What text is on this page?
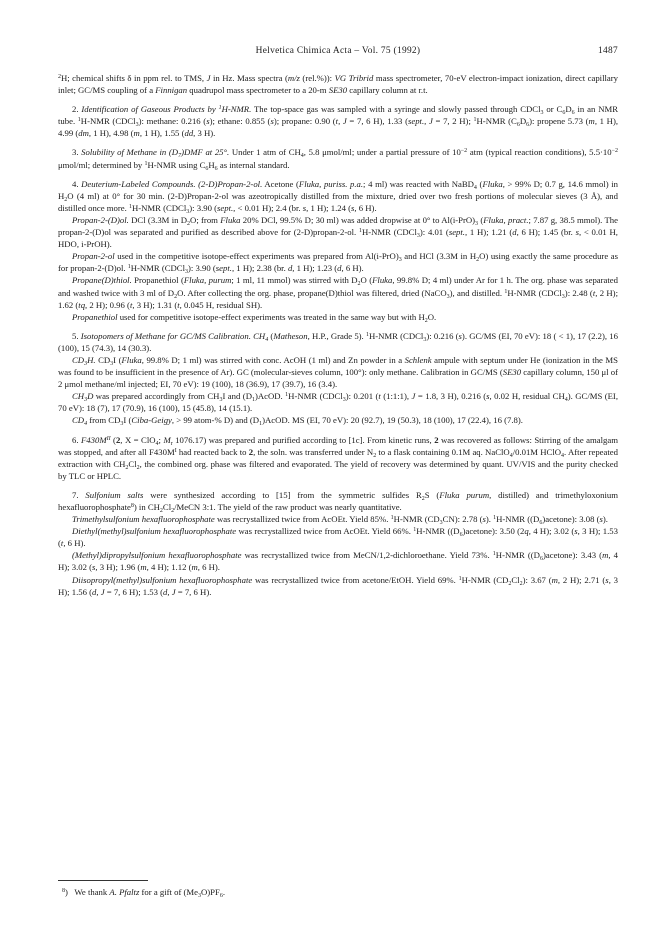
Helvetica Chimica Acta – Vol. 75 (1992)	1487

$^2$H; chemical shifts δ in ppm rel. to TMS, J in Hz. Mass spectra (m/z (rel.%)): VG Tribrid mass spectrometer, 70-eV electron-impact ionization, direct capillary inlet; GC/MS coupling of a Finnigan quadrupol mass spectrometer to a 20-m SE30 capillary column at r.t.

2. Identification of Gaseous Products by $^1$H-NMR. The top-space gas was sampled with a syringe and slowly passed through CDCl$_3$ or $C_6D_6$ in an NMR tube. $^1$H-NMR (CDCl$_3$): methane: 0.216 (s); ethane: 0.855 (s); propane: 0.90 (t, J = 7, 6 H), 1.33 (sept., J = 7, 2 H); $^1$H-NMR $(C_6D_6)$: propene 5.73 (m, 1 H), 4.99 (dm, 1 H), 4.98 (m, 1 H), 1.55 (dd, 3 H).

3. Solubility of Methane in $(D_7)DMF$ at 25°. Under 1 atm of $CH_4$, 5.8 μmol/ml; under a partial pressure of $10^{-2}$ atm (typical reaction conditions), $5.5\cdot 10^{-2}$ μmol/ml; determined by $^1$H-NMR using $C_6H_6$ as internal standard.

4. Deuterium-Labeled Compounds. (2-D)Propan-2-ol. Acetone (Fluka, puriss. p.a.; 4 ml) was reacted with NaBD$_4$ (Fluka, > 99% D; 0.7 g, 14.6 mmol) in $H_2O$ (4 ml) at 0° for 30 min. (2-D)Propan-2-ol was azeotropically distilled from the mixture, dried over two fresh portions of molecular sieves (3 Å), and distilled once more. $^1$H-NMR (CDCl$_3$): 3.90 (sept., < 0.01 H); 2.4 (br. s, 1 H); 1.24 (s, 6 H).

Propan-2-(D)ol. DCl (3.3M in $D_2O$; from Fluka 20% DCl, 99.5% D; 30 ml) was added dropwise at 0° to $Al(i-PrO)_3$ (Fluka, pract.; 7.87 g, 38.5 mmol). The propan-2-(D)ol was separated and purified as described above for (2-D)propan-2-ol. $^1$H-NMR (CDCl$_3$): 4.01 (sept., 1 H); 1.21 (d, 6 H); 1.45 (br. s, < 0.01 H, HDO, i-PrOH).

Propan-2-ol used in the competitive isotope-effect experiments was prepared from $Al(i-PrO)_3$ and HCl (3.3M in $H_2O$) using exactly the same procedure as for propan-2-(D)ol. $^1$H-NMR (CDCl$_3$): 3.90 (sept., 1 H); 2.38 (br. d, 1 H); 1.23 (d, 6 H).

Propane(D)thiol. Propanethiol (Fluka, purum; 1 ml, 11 mmol) was stirred with $D_2O$ (Fluka, 99.8% D; 4 ml) under Ar for 1 h. The org. phase was separated and washed twice with 3 ml of $D_2O$. After collecting the org. phase, propane(D)thiol was filtered, dried (NaCO$_3$), and distilled. $^1$H-NMR (CDCl$_3$): 2.48 (t, 2 H); 1.62 (tq, 2 H); 0.96 (t, 3 H); 1.31 (t, 0.045 H, residual SH).

Propanethiol used for competitive isotope-effect experiments was treated in the same way but with $H_2O$.

5. Isotopomers of Methane for GC/MS Calibration. $CH_4$ (Matheson, H.P., Grade 5). $^1$H-NMR (CDCl$_3$): 0.216 (s). GC/MS (EI, 70 eV): 18 ( < 1), 17 (2.2), 16 (100), 15 (74.3), 14 (30.3).

$CD_3H$. $CD_3I$ (Fluka, 99.8% D; 1 ml) was stirred with conc. AcOH (1 ml) and Zn powder in a Schlenk ampule with septum under He (ionization in the MS was found to be insufficient in the presence of Ar). GC (molecular-sieves column, 100°): only methane. Calibration in GC/MS (SE30 capillary column, 150 μl of 2 μmol methane/ml injected; EI, 70 eV): 19 (100), 18 (36.9), 17 (39.7), 16 (3.4).

$CH_3D$ was prepared accordingly from $CH_3I$ and $(D_1)AcOD$. $^1$H-NMR (CDCl$_3$): 0.201 (t (1:1:1), J = 1.8, 3 H), 0.216 (s, 0.02 H, residual $CH_4$). GC/MS (EI, 70 eV): 18 (7), 17 (70.9), 16 (100), 15 (45.8), 14 (15.1).

$CD_4$ from $CD_3I$ (Ciba-Geigy, > 99 atom-% D) and $(D_1)AcOD$. MS (EI, 70 eV): 20 (92.7), 19 (50.3), 18 (100), 17 (22.4), 16 (7.8).

6. $F430M^{II}$ (2, X = ClO$_4$; $M_r$ 1076.17) was prepared and purified according to [1c]. From kinetic runs, 2 was recovered as follows: Stirring of the amalgam was stopped, and after all $F430M^I$ had reacted back to 2, the soln. was transferred under $N_2$ to a flask containing 0.1M aq. NaClO$_4$/0.01M HClO$_4$. After repeated extraction with $CH_2Cl_2$, the combined org. phase was filtered and evaporated. The yield of recovery was determined by quant. UV/VIS and the purity checked by TLC or HPLC.

7. Sulfonium salts were synthesized according to [15] from the symmetric sulfides $R_2S$ (Fluka purum, distilled) and trimethyloxonium hexafluorophosphate$^8$) in $CH_2Cl_2$/MeCN 3:1. The yield of the raw product was nearly quantitative.

Trimethylsulfonium hexafluorophosphate was recrystallized twice from AcOEt. Yield 85%. $^1$H-NMR $(CD_3CN)$: 2.78 (s). $^1$H-NMR $((D_6)acetone)$: 3.08 (s).

Diethyl(methyl)sulfonium hexafluorophosphate was recrystallized twice from AcOEt. Yield 66%. $^1$H-NMR $((D_6)acetone)$: 3.50 (2q, 4 H); 3.02 (s, 3 H); 1.53 (t, 6 H).

(Methyl)dipropylsulfonium hexafluorophosphate was recrystallized twice from MeCN/1,2-dichloroethane. Yield 73%. $^1$H-NMR $((D_6)acetone)$: 3.43 (m, 4 H); 3.02 (s, 3 H); 1.96 (m, 4 H); 1.12 (m, 6 H).

Diisopropyl(methyl)sulfonium hexafluorophosphate was recrystallized twice from acetone/EtOH. Yield 69%. $^1$H-NMR $(CD_2Cl_2)$: 3.67 (m, 2 H); 2.71 (s, 3 H); 1.56 (d, J = 7, 6 H); 1.53 (d, J = 7, 6 H).

$^8$)   We thank A. Pfaltz for a gift of $(Me_3O)PF_6$.
